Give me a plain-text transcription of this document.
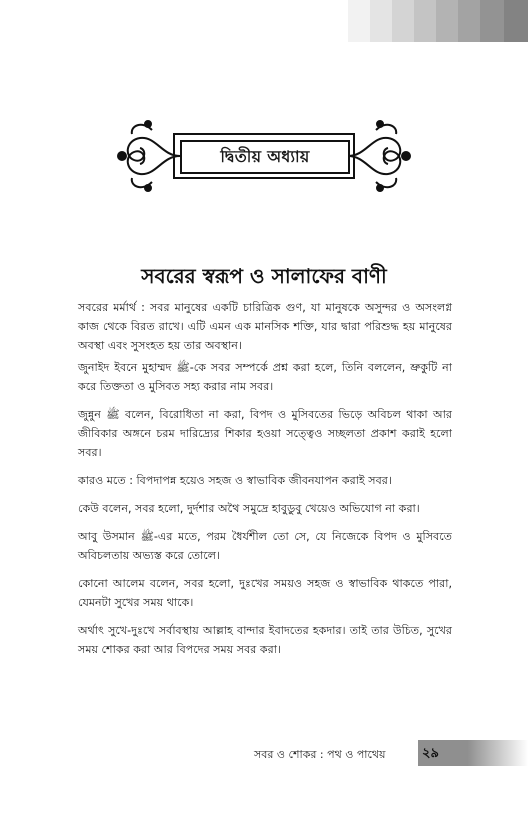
দ্বিতীয় অধ্যায়
সবরের স্বরূপ ও সালাফের বাণী

সবরের মর্মার্থ : সবর মানুষের একটি চারিত্রিক গুণ, যা মানুষকে অসুন্দর ও অসংলগ্ন কাজ থেকে বিরত রাখে। এটি এমন এক মানসিক শক্তি, যার দ্বারা পরিশুদ্ধ হয় মানুষের অবস্থা এবং সুসংহত হয় তার অবস্থান।

জুনাইদ ইবনে মুহাম্মদ ﷺ-কে সবর সম্পর্কে প্রশ্ন করা হলে, তিনি বললেন, ভ্রুকুটি না করে তিক্ততা ও মুসিবত সহ্য করার নাম সবর।

জুন্নুন ﷺ বলেন, বিরোধিতা না করা, বিপদ ও মুসিবতের ভিড়ে অবিচল থাকা আর জীবিকার অঙ্গনে চরম দারিদ্র্যের শিকার হওয়া সত্ত্বেও সচ্ছলতা প্রকাশ করাই হলো সবর।

কারও মতে : বিপদাপন্ন হয়েও সহজ ও স্বাভাবিক জীবনযাপন করাই সবর।

কেউ বলেন, সবর হলো, দুর্দশার অথৈ সমুদ্রে হাবুডুবু খেয়েও অভিযোগ না করা।

আবু উসমান ﷺ-এর মতে, পরম ধৈর্যশীল তো সে, যে নিজেকে বিপদ ও মুসিবতে অবিচলতায় অভ্যস্ত করে তোলে।

কোনো আলেম বলেন, সবর হলো, দুঃখের সময়ও সহজ ও স্বাভাবিক থাকতে পারা, যেমনটা সুখের সময় থাকে।

অর্থাৎ সুখে-দুঃখে সর্বাবস্থায় আল্লাহ বান্দার ইবাদতের হকদার। তাই তার উচিত, সুখের সময় শোকর করা আর বিপদের সময় সবর করা।

সবর ও শোকর : পথ ও পাথেয়	২৯
